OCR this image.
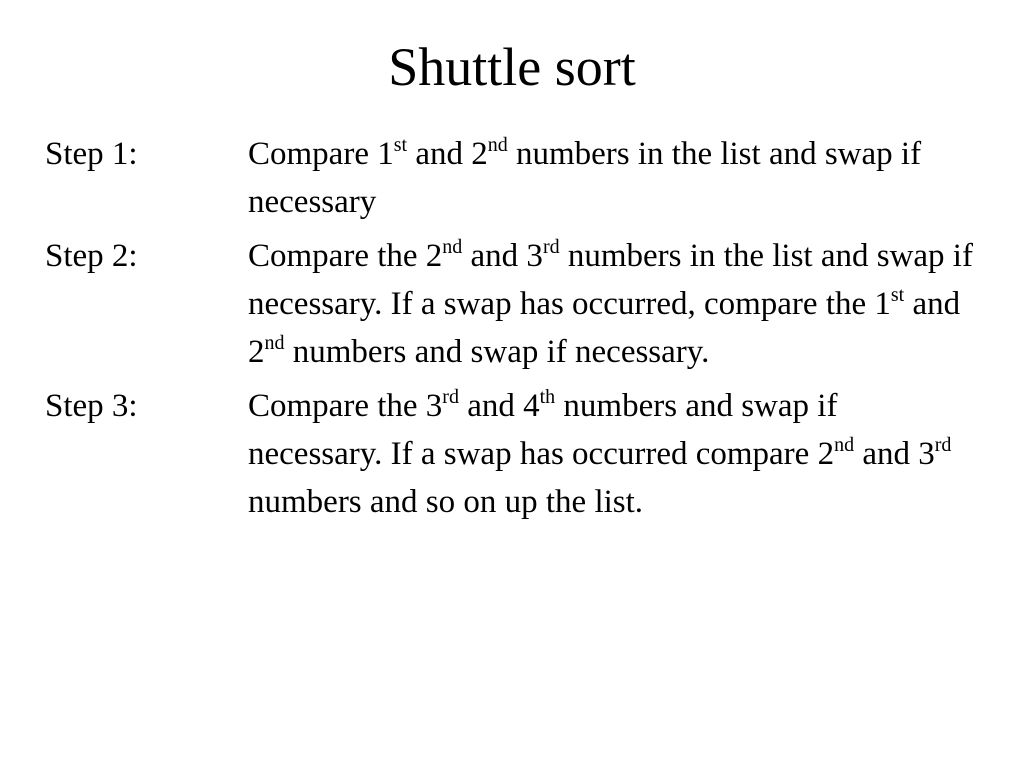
Shuttle sort
Step 1:	Compare 1st and 2nd numbers in the list and swap if necessary
Step 2:	Compare the 2nd and 3rd numbers in the list and swap if necessary. If a swap has occurred, compare the 1st and 2nd numbers and swap if necessary.
Step 3:	Compare the 3rd and 4th numbers and swap if necessary. If a swap has occurred compare 2nd and 3rd numbers and so on up the list.
